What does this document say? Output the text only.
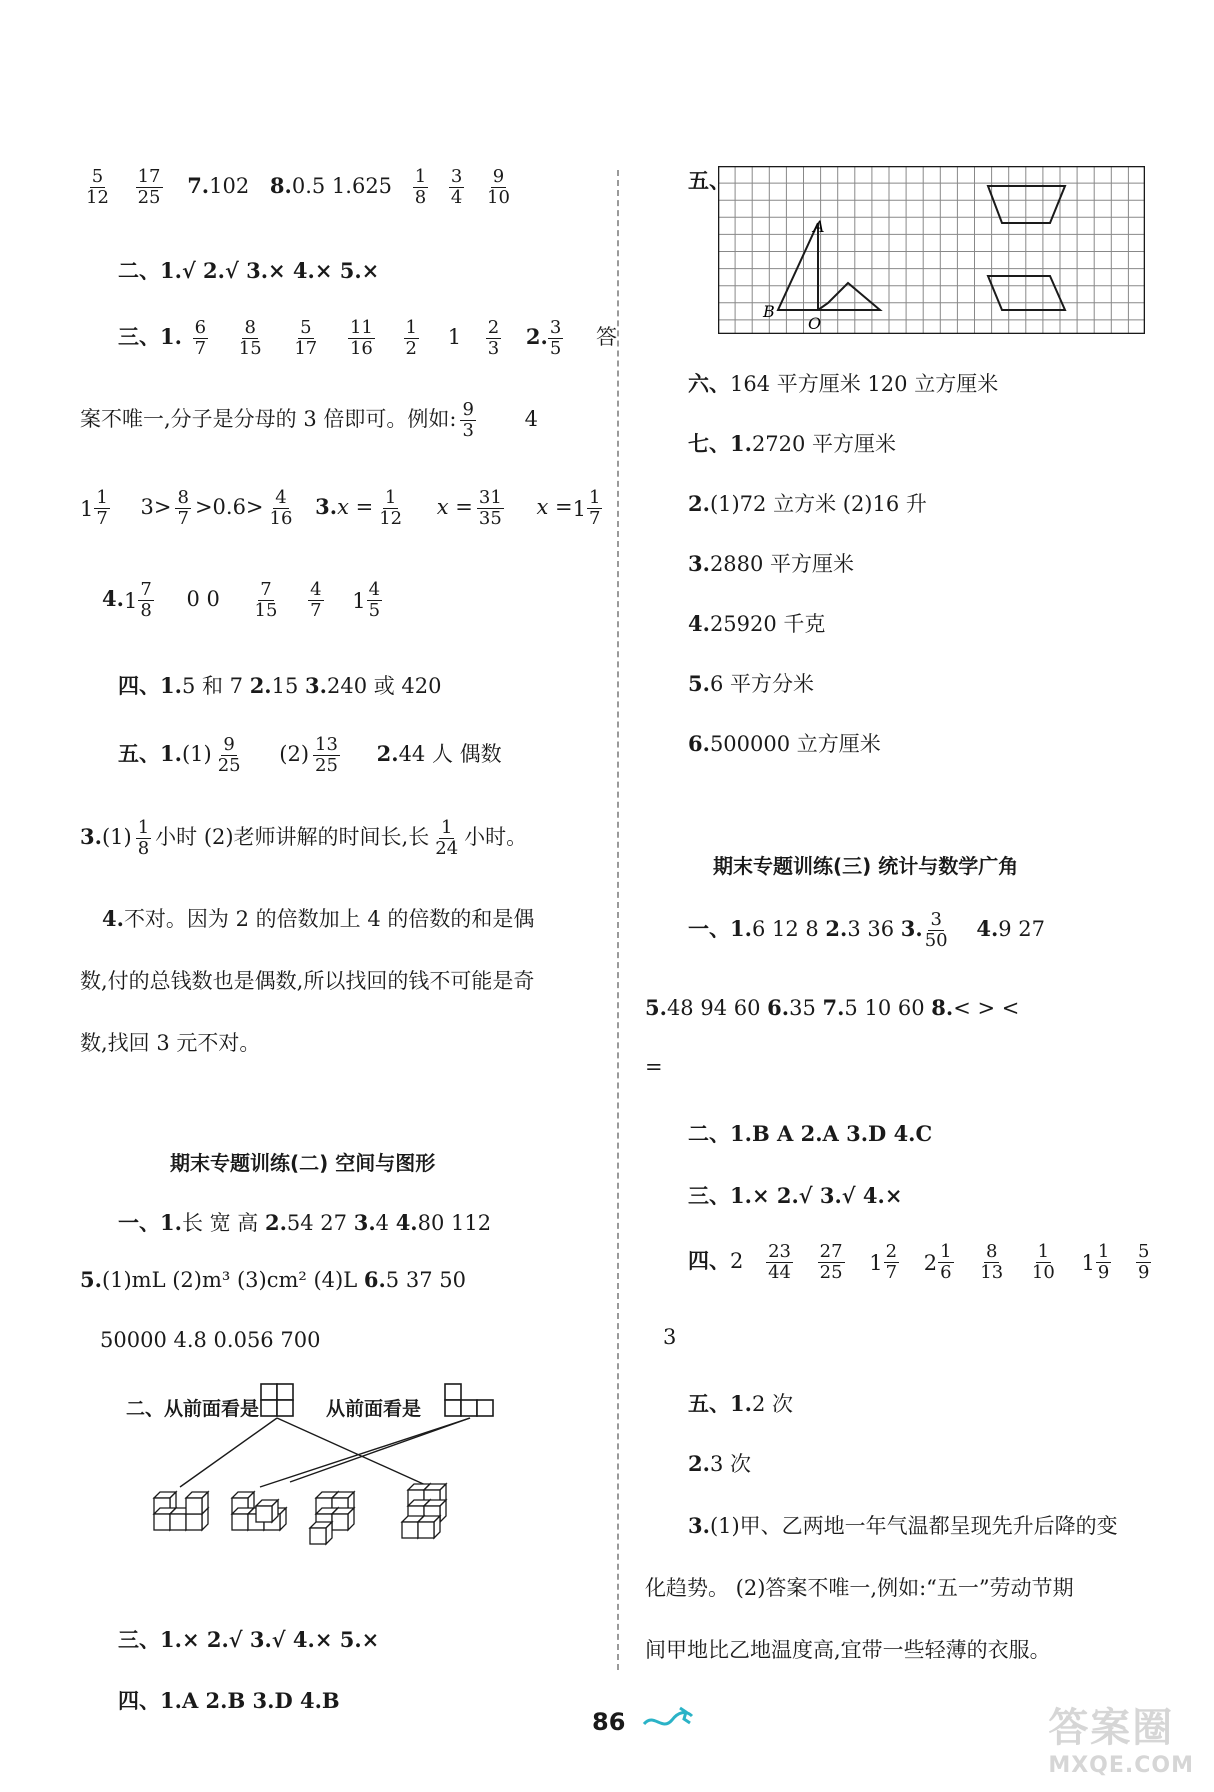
$\frac{5}{12}$
$\frac{17}{25} 7.102$ 8.0.5 $1.625 \frac{1}{8}$
$\frac{3}{4}$
$\frac{9}{10}$
二、1.√ 2.√ 3.× 4.× 5.×
三、1. $\frac{6}{7}$
$\frac{8}{15}$
$\frac{5}{17}$
$\frac{11}{16}$
$\frac{1}{2} 1 \frac{2}{3} 2$. $\frac{3}{5}$ 答
案不唯一,分子是分母的 3 倍即可。例如: $\frac{9}{3} 4$
1 1
7 $3> \frac{8}{7} >0.6> \frac{4}{16} 3.x = \frac{1}{12}$ $x = \frac{31}{35}$ x = 1 1
7
4. 1 7
8 0 $0 \frac{7}{15}$
$\frac{4}{7}$
1 4
5
四、1.5 和 7 2.15 3.240 或 420
五、$1.(1) \frac{9}{25} (2) \frac{13}{25} 2.44$ 人 偶数
$3.(1) \frac{1}{8}$ 小时 (2)老师讲解的时间长,长 $\frac{1}{24}$ 小时。
4.不对。因为 2 的倍数加上 4 的倍数的和是偶
数,付的总钱数也是偶数,所以找回的钱不可能是奇
数,找回 3 元不对。
期末专题训练(二) 空间与图形
一、1.长 宽 高 2.54 27 3.4 4.80 112
5.(1)mL (2)m³ (3)cm² (4)L 6.5 37 50
50000 4.8 0.056 700
二、从前面看是	从前面看是
三、1.× 2.√ 3.√ 4.× 5.×
四、1.A 2.B 3.D 4.B
五、
A
B
O
六、164 平方厘米 120 立方厘米
七、1.2720 平方厘米
2.(1)72 立方米 (2)16 升
3.2880 平方厘米
4.25920 千克
5.6 平方分米
6.500000 立方厘米
期末专题训练(三) 统计与数学广角
一、1.6 12 8 2.3 36 3. $\frac{3}{50} 4.9$ 27
5.48 94 60 6.35 7.5 10 60 8.< > <
=
二、1.B A 2.A 3.D 4.C
三、1.× 2.√ 3.√ 4.×
四、$2 \frac{23}{44}$
$\frac{27}{25}$
1 2
7
2 1
6
$\frac{8}{13}$
$\frac{1}{10}$
1 1
9
$\frac{5}{9}$
3
五、1.2 次
2.3 次
3.(1)甲、乙两地一年气温都呈现先升后降的变
化趋势。 (2)答案不唯一,例如:“五一”劳动节期
间甲地比乙地温度高,宜带一些轻薄的衣服。
86	答案圈
MXQE.COM
